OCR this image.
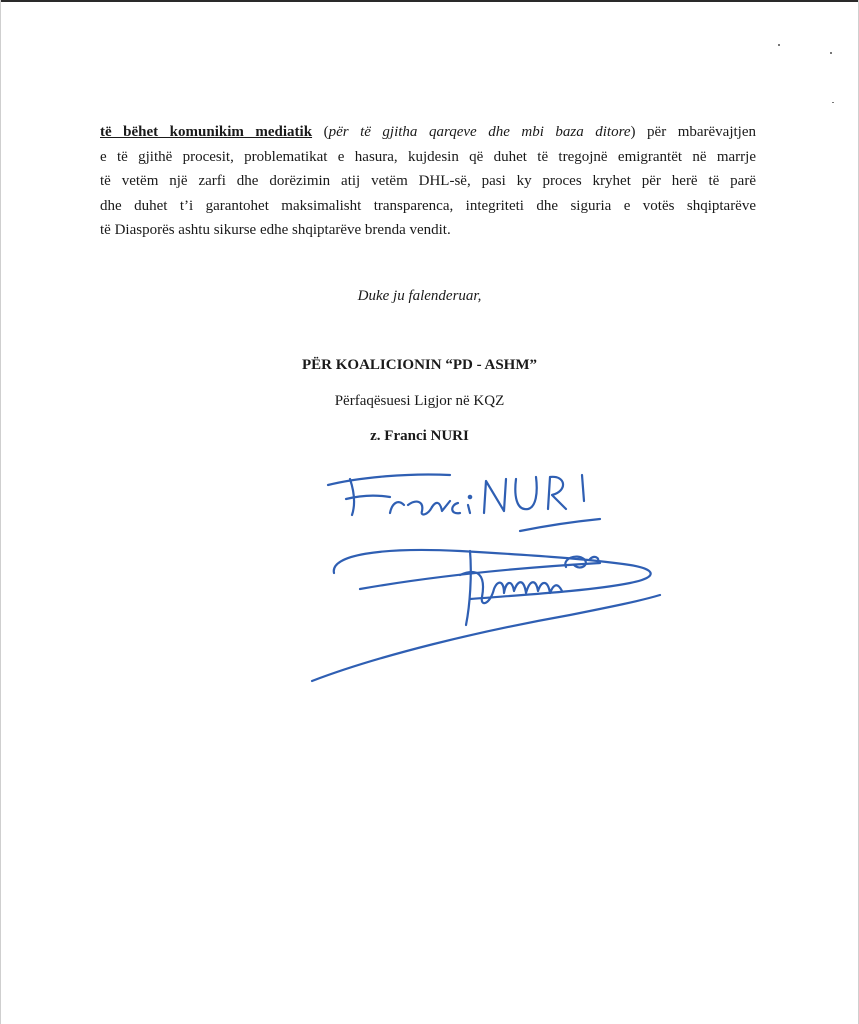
të bëhet komunikim mediatik (për të gjitha qarqeve dhe mbi baza ditore) për mbarëvajtjen
e të gjithë procesit, problematikat e hasura, kujdesin që duhet të tregojnë emigrantët në marrje
të vetëm një zarfi dhe dorëzimin atij vetëm DHL-së, pasi ky proces kryhet për herë të parë
dhe duhet t’i garantohet maksimalisht transparenca, integriteti dhe siguria e votës shqiptarëve
të Diasporës ashtu sikurse edhe shqiptarëve brenda vendit.

Duke ju falenderuar,

PËR KOALICIONIN “PD - ASHM”

Përfaqësuesi Ligjor në KQZ

z. Franci NURI
